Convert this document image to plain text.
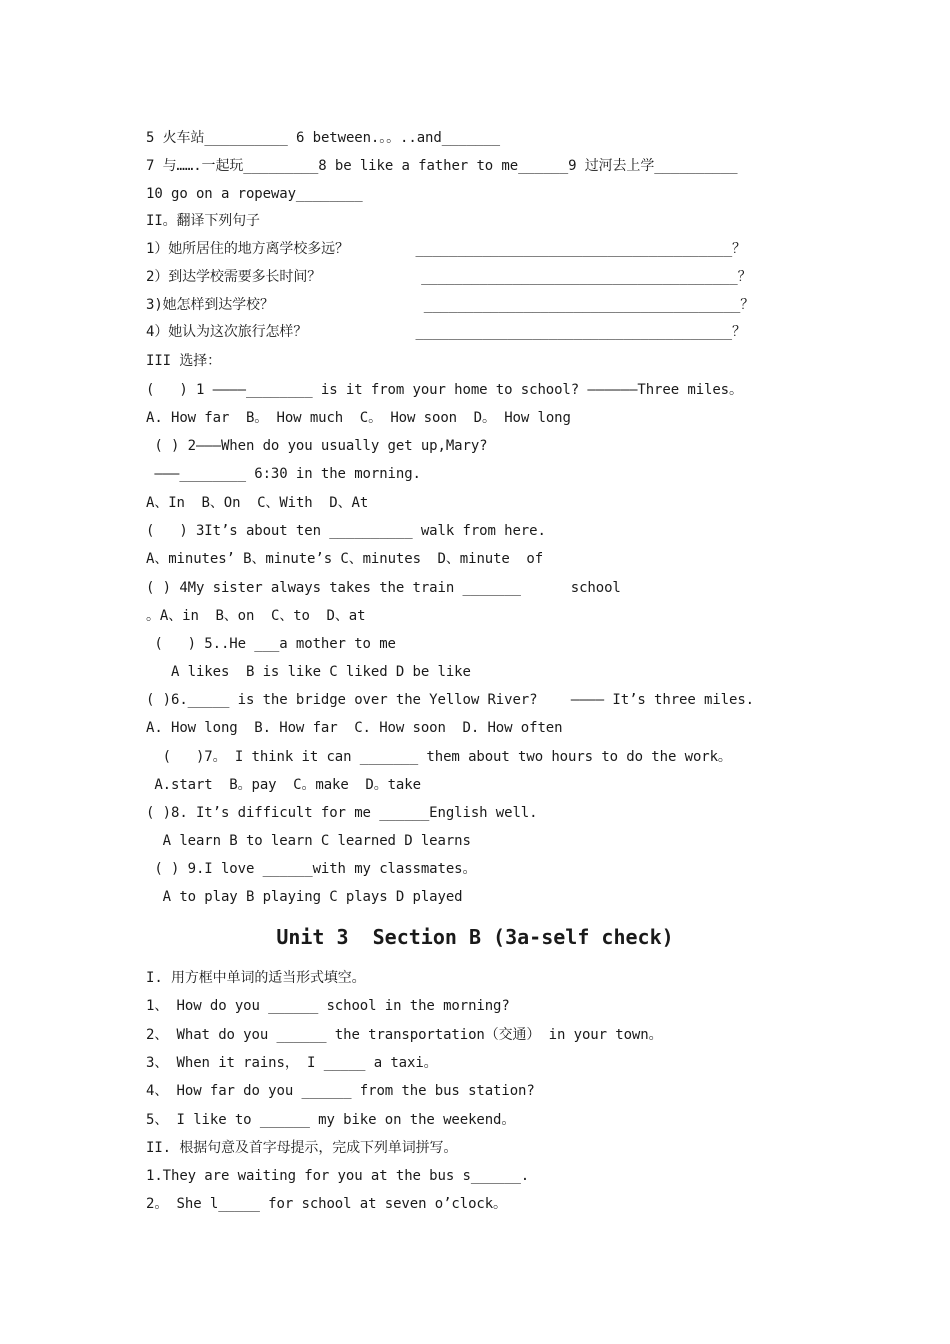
5 火车站__________ 6 between.。。..and_______
7 与…….一起玩_________8 be like a father to me______9 过河去上学__________
10 go on a ropeway________
II。翻译下列句子
1）她所居住的地方离学校多远？        ______________________________________？
2）到达学校需要多长时间？            ______________________________________？
3)她怎样到达学校？                  ______________________________________？
4）她认为这次旅行怎样？             ______________________________________？
III 选择：
(   ) 1 ————________ is it from your home to school? ——————Three miles。
A. How far  B。 How much  C。 How soon  D。 How long
( ) 2———When do you usually get up,Mary?
———________ 6:30 in the morning.
A、In  B、On  C、With  D、At
(   ) 3It’s about ten __________ walk from here.
A、minutes’ B、minute’s C、minutes  D、minute  of
( ) 4My sister always takes the train _______      school
。A、in  B、on  C、to  D、at
(   ) 5..He ___a mother to me
A likes  B is like C liked D be like
( )6._____ is the bridge over the Yellow River?    ———— It’s three miles.
A. How long  B. How far  C. How soon  D. How often
(   )7。 I think it can _______ them about two hours to do the work。
A.start  B。pay  C。make  D。take
( )8. It’s difficult for me ______English well.
A learn B to learn C learned D learns
( ) 9.I love ______with my classmates。
A to play B playing C plays D played
Unit 3  Section B (3a-self check)
I. 用方框中单词的适当形式填空。
1、 How do you ______ school in the morning?
2、 What do you ______ the transportation（交通） in your town。
3、 When it rains， I _____ a taxi。
4、 How far do you ______ from the bus station?
5、 I like to ______ my bike on the weekend。
II. 根据句意及首字母提示，完成下列单词拼写。
1.They are waiting for you at the bus s______.
2。 She l_____ for school at seven o’clock。
